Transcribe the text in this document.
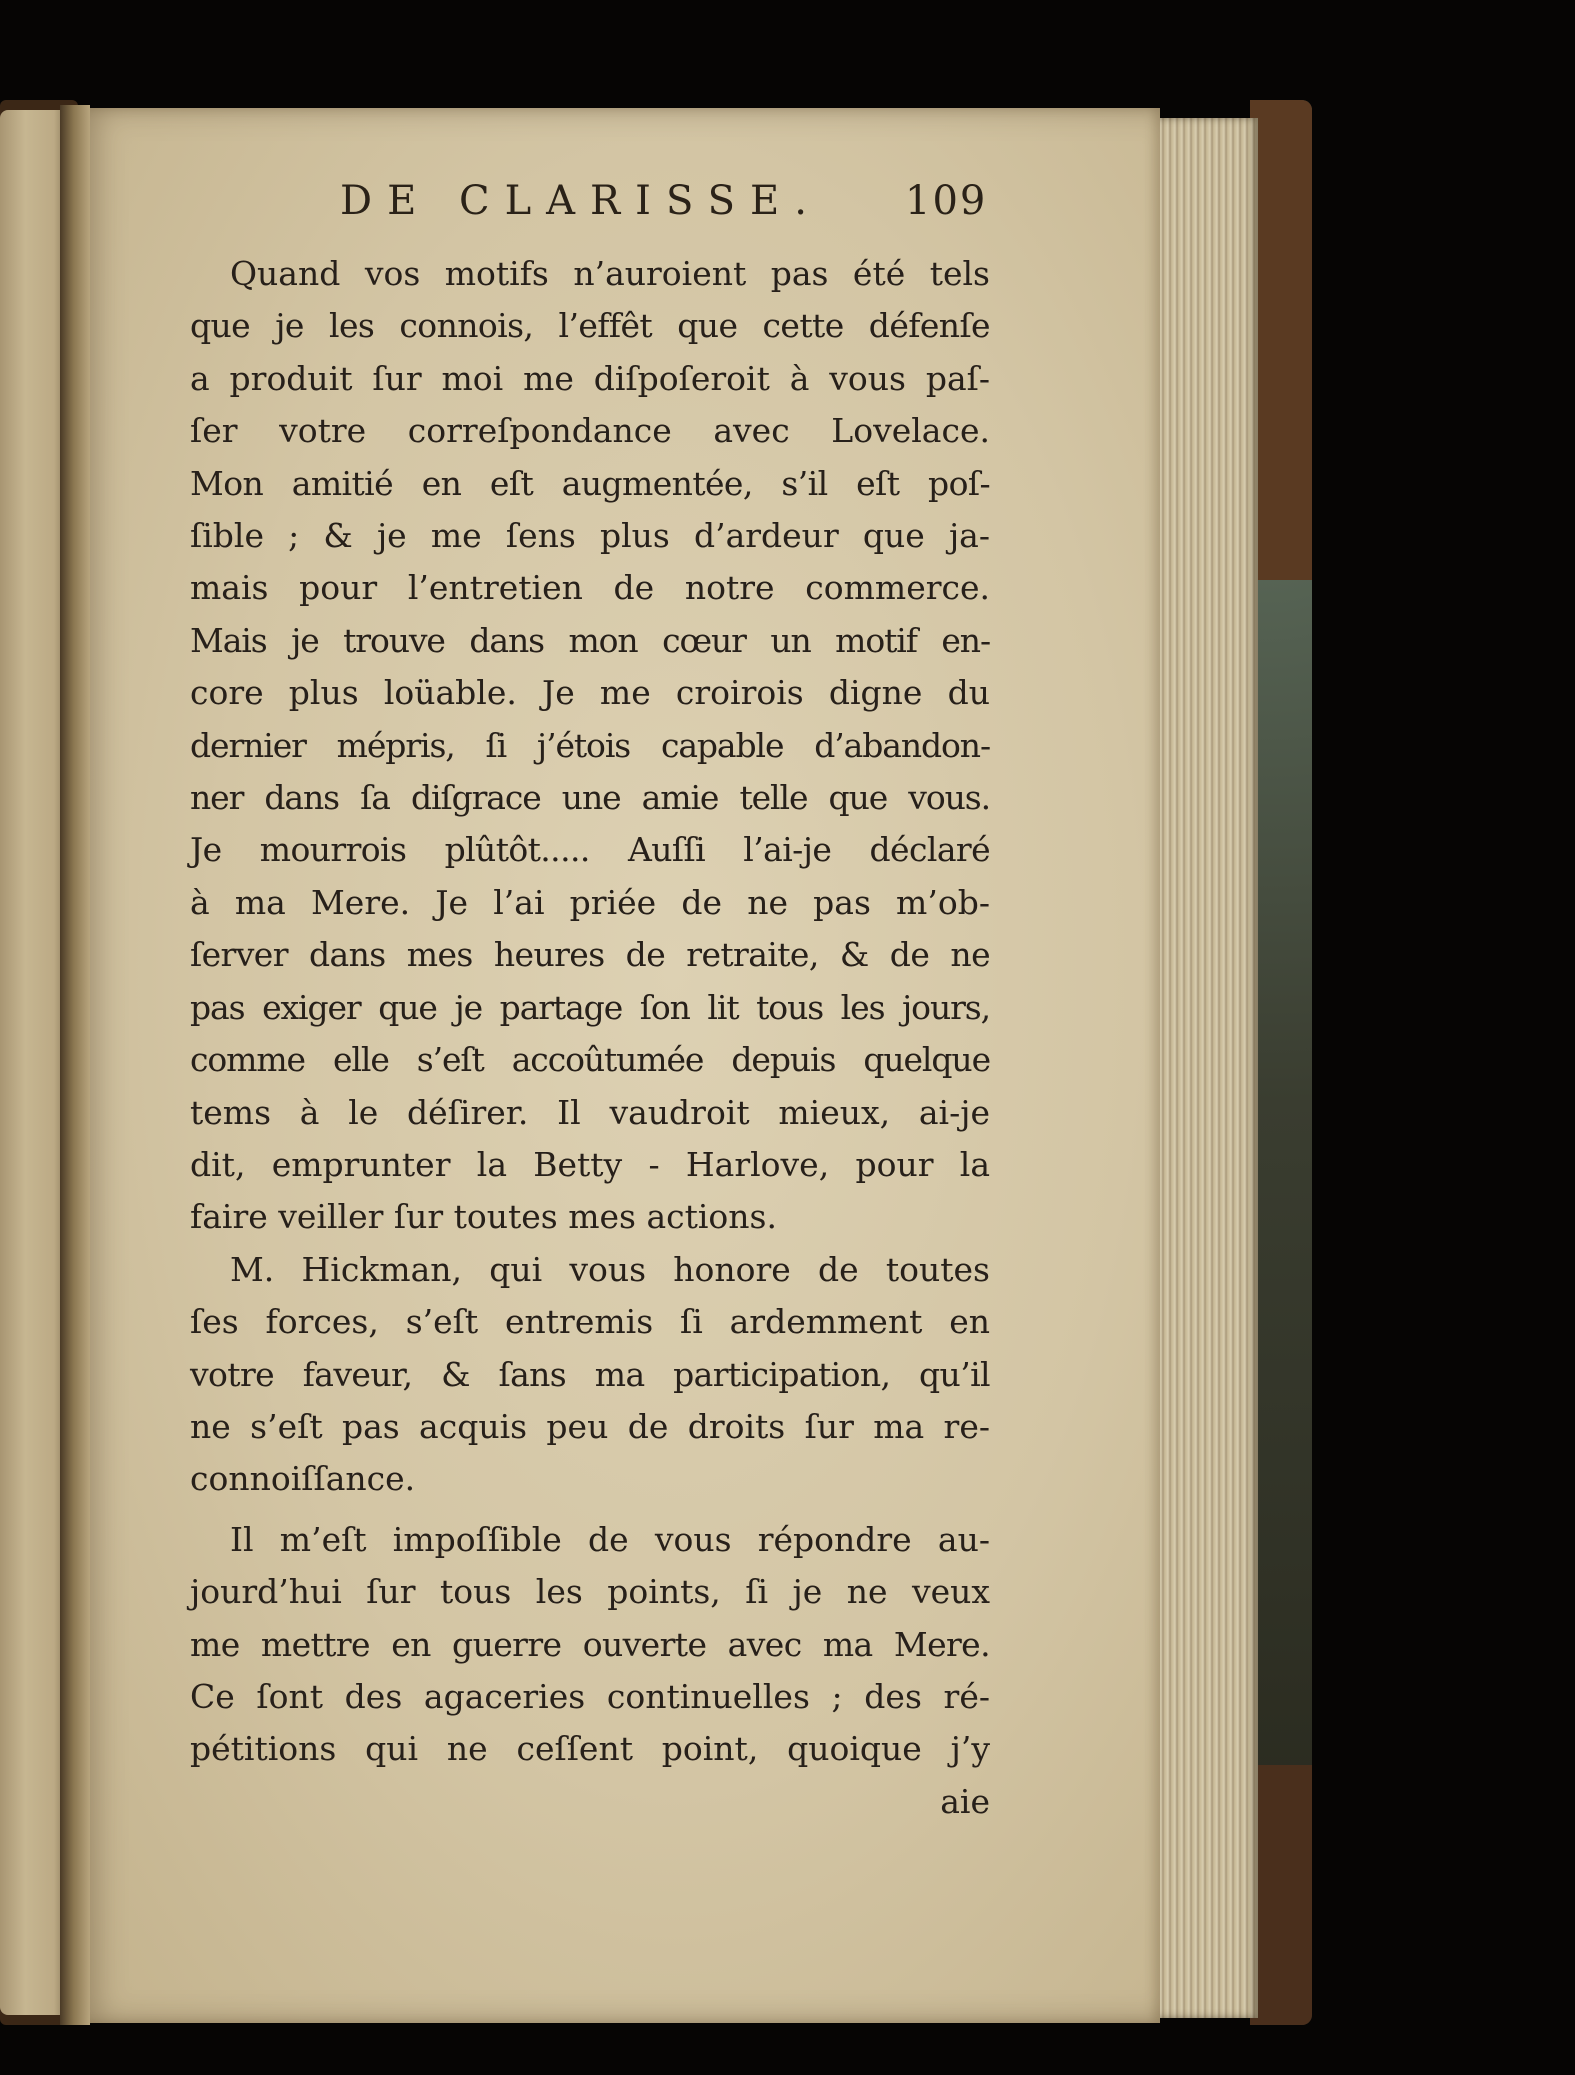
DE CLARISSE.	109
Quand vos motifs n’auroient pas été tels
que je les connois, l’effêt que cette défenſe
a produit ſur moi me diſpoſeroit à vous paſ-
ſer votre correſpondance avec Lovelace.
Mon amitié en eſt augmentée, s’il eſt poſ-
ſible ; & je me ſens plus d’ardeur que ja-
mais pour l’entretien de notre commerce.
Mais je trouve dans mon cœur un motif en-
core plus loüable. Je me croirois digne du
dernier mépris, ſi j’étois capable d’abandon-
ner dans ſa diſgrace une amie telle que vous.
Je mourrois plûtôt..... Auſſi l’ai-je déclaré
à ma Mere. Je l’ai priée de ne pas m’ob-
ſerver dans mes heures de retraite, & de ne
pas exiger que je partage ſon lit tous les jours,
comme elle s’eſt accoûtumée depuis quelque
tems à le déſirer. Il vaudroit mieux, ai-je
dit, emprunter la Betty - Harlove, pour la
faire veiller ſur toutes mes actions.
M. Hickman, qui vous honore de toutes
ſes forces, s’eſt entremis ſi ardemment en
votre faveur, & ſans ma participation, qu’il
ne s’eſt pas acquis peu de droits ſur ma re-
connoiſſance.
Il m’eſt impoſſible de vous répondre au-
jourd’hui ſur tous les points, ſi je ne veux
me mettre en guerre ouverte avec ma Mere.
Ce ſont des agaceries continuelles ; des ré-
pétitions qui ne ceſſent point, quoique j’y
aie
